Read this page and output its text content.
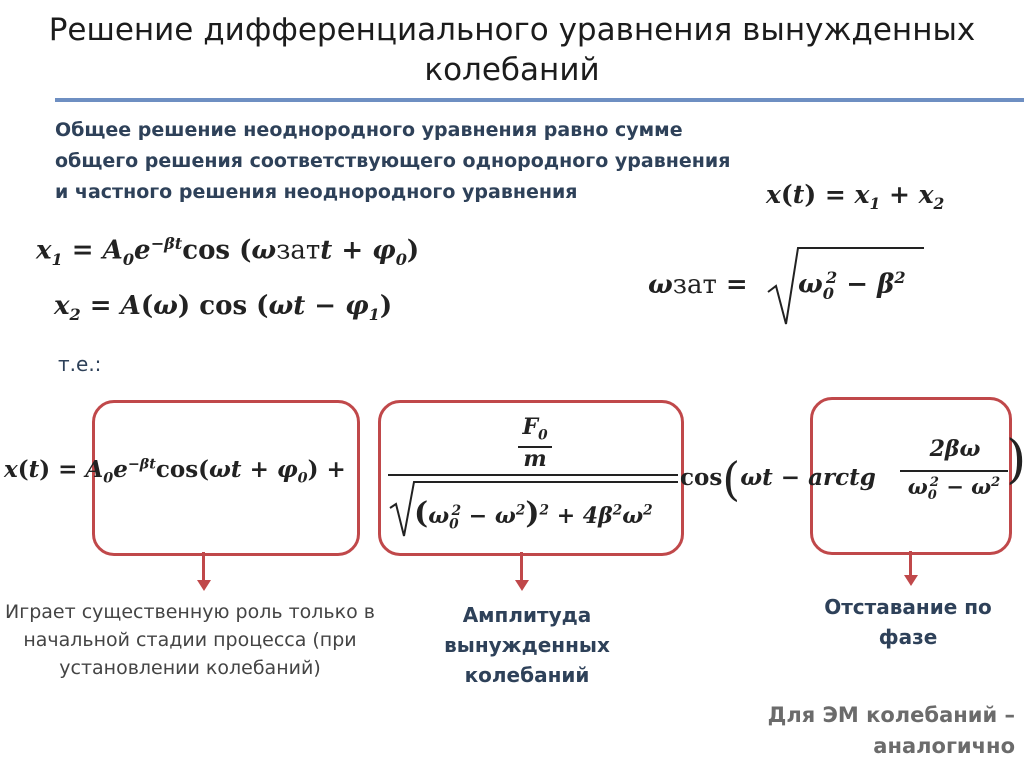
Решение дифференциального уравнения вынужденных
колебаний
Общее решение неоднородного уравнения равно сумме
общего решения соответствующего однородного уравнения
и частного решения неоднородного уравнения	$x(t) = x_1 + x_2$
$x_1 = A_0e^{-\beta t}\cos$ (ωзатt + $\varphi_0$)
$x_2 = A(\omega)$ $\cos (\omega t - \varphi_1)$
$\omega зат = \omega_0^2 - \beta^2$
т.е.:
$x(t) = A_0e^{-\beta t}\cos(\omega t + \varphi_0)$ +
$F_0$
m
$(\omega_0^2 - \omega^2)^2 + 4\beta^2\omega^2$
cos(ωt − arctg
2βω
$\omega_0^2 - \omega^2$ )
Играет существенную роль только в начальной стадии процесса (при установлении колебаний)
Амплитуда вынужденных колебаний
Отставание по фазе
Для ЭМ колебаний – аналогично
